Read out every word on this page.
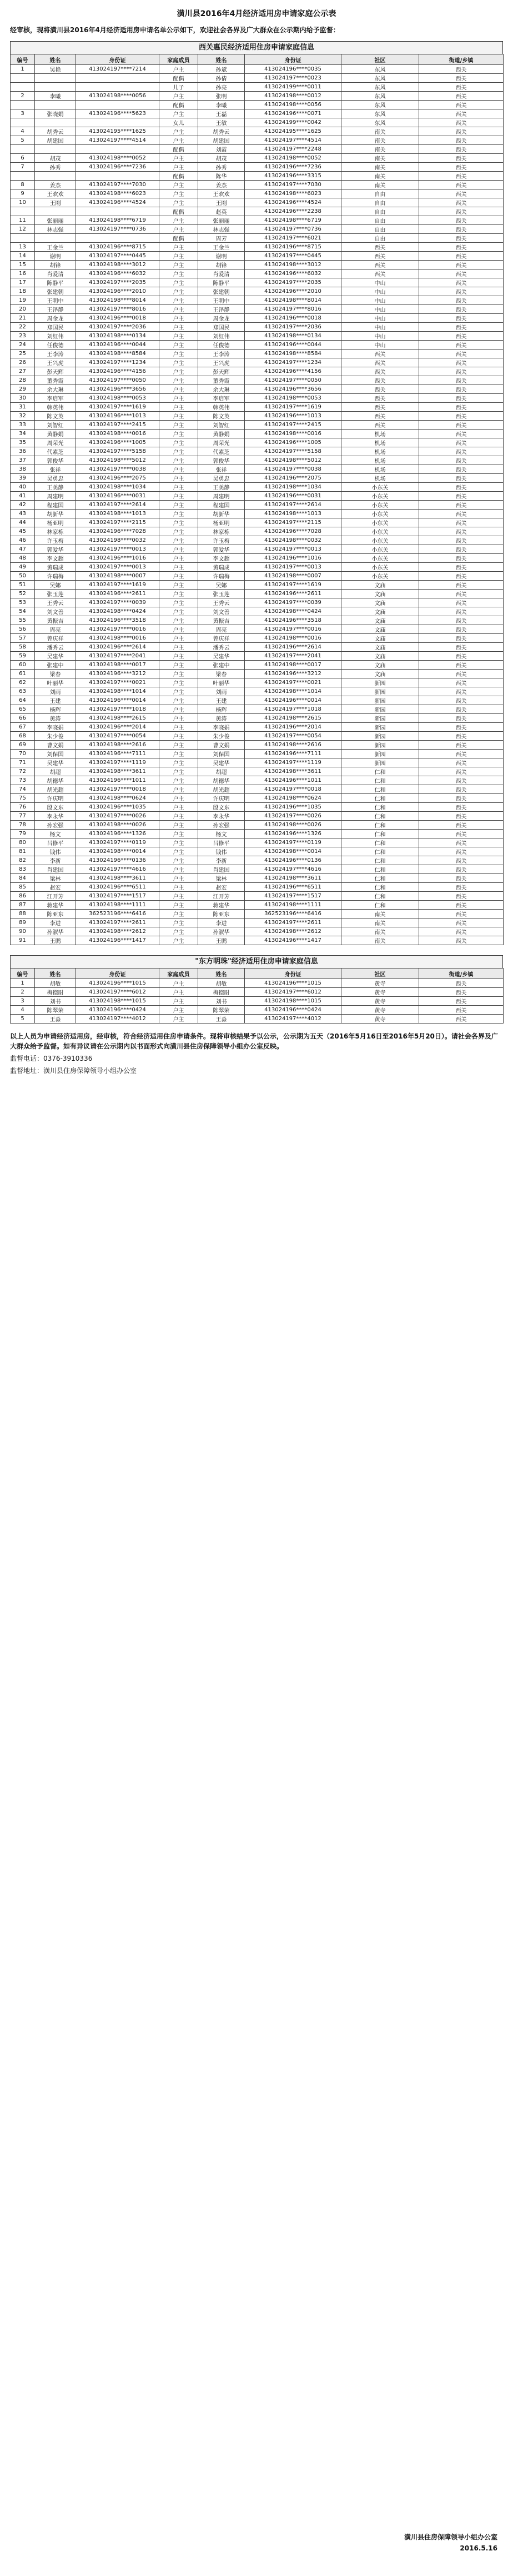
潢川县2016年4月经济适用房申请家庭公示表
经审核，现将潢川县2016年4月经济适用房申请名单公示如下，欢迎社会各界及广大群众在公示期内给予监督：
西关惠民经济适用住房申请家庭信息
编号	姓名	身份证	家庭成员	姓名	身份证	社区	街道/乡镇
1	吴艳	413024197****7214	户主	孙斌	413024196****0035	东风	西关
			配偶	孙倩	413024197****0023	东风	西关
			儿子	孙亮	413024199****0011	东风	西关
2	李曦	413024198****0056	户主	张明	413024198****0012	东风	西关
			配偶	李曦	413024198****0056	东风	西关
3	张晓娟	413024196****5623	户主	王磊	413024196****0071	东风	西关
			女儿	王敏	413024199****0042	东风	西关
4	胡秀云	413024195****1625	户主	胡秀云	413024195****1625	南关	西关
5	胡建国	413024197****4514	户主	胡建国	413024197****4514	南关	西关
			配偶	刘霞	413024197****2248	南关	西关
6	胡茂	413024198****0052	户主	胡茂	413024198****0052	南关	西关
7	孙秀	413024196****7236	户主	孙秀	413024196****7236	南关	西关
			配偶	陈华	413024196****3315	南关	西关
8	姜杰	413024197****7030	户主	姜杰	413024197****7030	南关	西关
9	王欢欢	413024198****6023	户主	王欢欢	413024198****6023	自由	西关
10	王刚	413024196****4524	户主	王刚	413024196****4524	自由	西关
			配偶	赵英	413024196****2238	自由	西关
11	张丽丽	413024198****6719	户主	张丽丽	413024198****6719	自由	西关
12	林志强	413024197****0736	户主	林志强	413024197****0736	自由	西关
			配偶	周芳	413024197****6021	自由	西关
13	王金兰	413024196****8715	户主	王金兰	413024196****8715	西关	西关
14	谢明	413024197****0445	户主	谢明	413024197****0445	西关	西关
15	胡锋	413024198****3012	户主	胡锋	413024198****3012	西关	西关
16	肖爱清	413024196****6032	户主	肖爱清	413024196****6032	西关	西关
17	陈静平	413024197****2035	户主	陈静平	413024197****2035	中山	西关
18	张建朝	413024196****2010	户主	张建朝	413024196****2010	中山	西关
19	王明中	413024198****8014	户主	王明中	413024198****8014	中山	西关
20	王泽静	413024197****8016	户主	王泽静	413024197****8016	中山	西关
21	周金龙	413024196****0018	户主	周金龙	413024196****0018	中山	西关
22	郑国民	413024197****2036	户主	郑国民	413024197****2036	中山	西关
23	刘红伟	413024198****0134	户主	刘红伟	413024198****0134	中山	西关
24	任俊德	413024196****0044	户主	任俊德	413024196****0044	中山	西关
25	王李涛	413024198****8584	户主	王李涛	413024198****8584	西关	西关
26	王兴虎	413024197****1234	户主	王兴虎	413024197****1234	西关	西关
27	彭天辉	413024196****4156	户主	彭天辉	413024196****4156	西关	西关
28	董秀霞	413024197****0050	户主	董秀霞	413024197****0050	西关	西关
29	余大琳	413024196****3656	户主	余大琳	413024196****3656	西关	西关
30	李启军	413024198****0053	户主	李启军	413024198****0053	西关	西关
31	韩英伟	413024197****1619	户主	韩英伟	413024197****1619	西关	西关
32	陈文英	413024196****1013	户主	陈文英	413024196****1013	西关	西关
33	刘智红	413024197****2415	户主	刘智红	413024197****2415	西关	西关
34	黄静娟	413024198****0016	户主	黄静娟	413024198****0016	机场	西关
35	周荣光	413024196****1005	户主	周荣光	413024196****1005	机场	西关
36	代素芝	413024197****5158	户主	代素芝	413024197****5158	机场	西关
37	郭俊华	413024198****5012	户主	郭俊华	413024198****5012	机场	西关
38	张祥	413024197****0038	户主	张祥	413024197****0038	机场	西关
39	吴勇忠	413024196****2075	户主	吴勇忠	413024196****2075	机场	西关
40	王美静	413024198****1034	户主	王美静	413024198****1034	小东关	西关
41	周建明	413024196****0031	户主	周建明	413024196****0031	小东关	西关
42	程建国	413024197****2614	户主	程建国	413024197****2614	小东关	西关
43	胡新华	413024198****1013	户主	胡新华	413024198****1013	小东关	西关
44	杨亚明	413024197****2115	户主	杨亚明	413024197****2115	小东关	西关
45	林家栋	413024196****7028	户主	林家栋	413024196****7028	小东关	西关
46	许玉梅	413024198****0032	户主	许玉梅	413024198****0032	小东关	西关
47	郭爱华	413024197****0013	户主	郭爱华	413024197****0013	小东关	西关
48	李文超	413024196****1016	户主	李文超	413024196****1016	小东关	西关
49	黄瑞成	413024197****0013	户主	黄瑞成	413024197****0013	小东关	西关
50	许瑞梅	413024198****0007	户主	许瑞梅	413024198****0007	小东关	西关
51	吴娜	413024197****1619	户主	吴娜	413024197****1619	文庙	西关
52	张玉莲	413024196****2611	户主	张玉莲	413024196****2611	文庙	西关
53	王秀云	413024197****0039	户主	王秀云	413024197****0039	文庙	西关
54	刘文善	413024198****0424	户主	刘文善	413024198****0424	文庙	西关
55	黄振吉	413024196****3518	户主	黄振吉	413024196****3518	文庙	西关
56	周亮	413024197****0016	户主	周亮	413024197****0016	文庙	西关
57	曾庆祥	413024198****0016	户主	曾庆祥	413024198****0016	文庙	西关
58	潘秀云	413024196****2614	户主	潘秀云	413024196****2614	文庙	西关
59	吴建华	413024197****2041	户主	吴建华	413024197****2041	文庙	西关
60	张建中	413024198****0017	户主	张建中	413024198****0017	文庙	西关
61	梁春	413024196****3212	户主	梁春	413024196****3212	文庙	西关
62	叶丽华	413024197****0021	户主	叶丽华	413024197****0021	新园	西关
63	刘雨	413024198****1014	户主	刘雨	413024198****1014	新园	西关
64	王建	413024196****0014	户主	王建	413024196****0014	新园	西关
65	杨辉	413024197****1018	户主	杨辉	413024197****1018	新园	西关
66	黄涛	413024198****2615	户主	黄涛	413024198****2615	新园	西关
67	李晓娟	413024196****2014	户主	李晓娟	413024196****2014	新园	西关
68	朱少俊	413024197****0054	户主	朱少俊	413024197****0054	新园	西关
69	曹文娟	413024198****2616	户主	曹文娟	413024198****2616	新园	西关
70	刘保国	413024196****7111	户主	刘保国	413024196****7111	新园	西关
71	吴建华	413024197****1119	户主	吴建华	413024197****1119	新园	西关
72	胡超	413024198****3611	户主	胡超	413024198****3611	仁和	西关
73	胡德华	413024196****1011	户主	胡德华	413024196****1011	仁和	西关
74	胡光超	413024197****0018	户主	胡光超	413024197****0018	仁和	西关
75	许庆明	413024198****0624	户主	许庆明	413024198****0624	仁和	西关
76	殷文东	413024196****1035	户主	殷文东	413024196****1035	仁和	西关
77	李永华	413024197****0026	户主	李永华	413024197****0026	仁和	西关
78	孙宏强	413024198****0026	户主	孙宏强	413024198****0026	仁和	西关
79	杨文	413024196****1326	户主	杨文	413024196****1326	仁和	西关
80	吕修平	413024197****0119	户主	吕修平	413024197****0119	仁和	西关
81	钱伟	413024198****0014	户主	钱伟	413024198****0014	仁和	西关
82	李新	413024196****0136	户主	李新	413024196****0136	仁和	西关
83	肖建国	413024197****4616	户主	肖建国	413024197****4616	仁和	西关
84	梁林	413024198****3611	户主	梁林	413024198****3611	仁和	西关
85	赵宏	413024196****6511	户主	赵宏	413024196****6511	仁和	西关
86	江开芳	413024197****1517	户主	江开芳	413024197****1517	仁和	西关
87	蒋建华	413024198****1111	户主	蒋建华	413024198****1111	仁和	西关
88	陈亚东	362523196****6416	户主	陈亚东	362523196****6416	南关	西关
89	李进	413024197****2611	户主	李进	413024197****2611	南关	西关
90	孙淑华	413024198****2612	户主	孙淑华	413024198****2612	南关	西关
91	王鹏	413024196****1417	户主	王鹏	413024196****1417	南关	西关
"东方明珠"经济适用住房申请家庭信息
编号	姓名	身份证	家庭成员	姓名	身份证	社区	街道/乡镇
1	胡敏	413024196****1015	户主	胡敏	413024196****1015	黄寺	西关
2	梅德尉	413024197****6012	户主	梅德尉	413024197****6012	黄寺	西关
3	刘书	413024198****1015	户主	刘书	413024198****1015	黄寺	西关
4	陈翠荣	413024196****0424	户主	陈翠荣	413024196****0424	黄寺	西关
5	王淼	413024197****4012	户主	王淼	413024197****4012	黄寺	西关
以上人员为申请经济适用房，经审核，符合经济适用住房申请条件。现将审核结果予以公示，公示期为五天（2016年5月16日至2016年5月20日）。请社会各界及广大群众给予监督。如有异议请在公示期内以书面形式向潢川县住房保障领导小组办公室反映。
监督电话：0376-3910336
监督地址：潢川县住房保障领导小组办公室
潢川县住房保障领导小组办公室
2016.5.16
